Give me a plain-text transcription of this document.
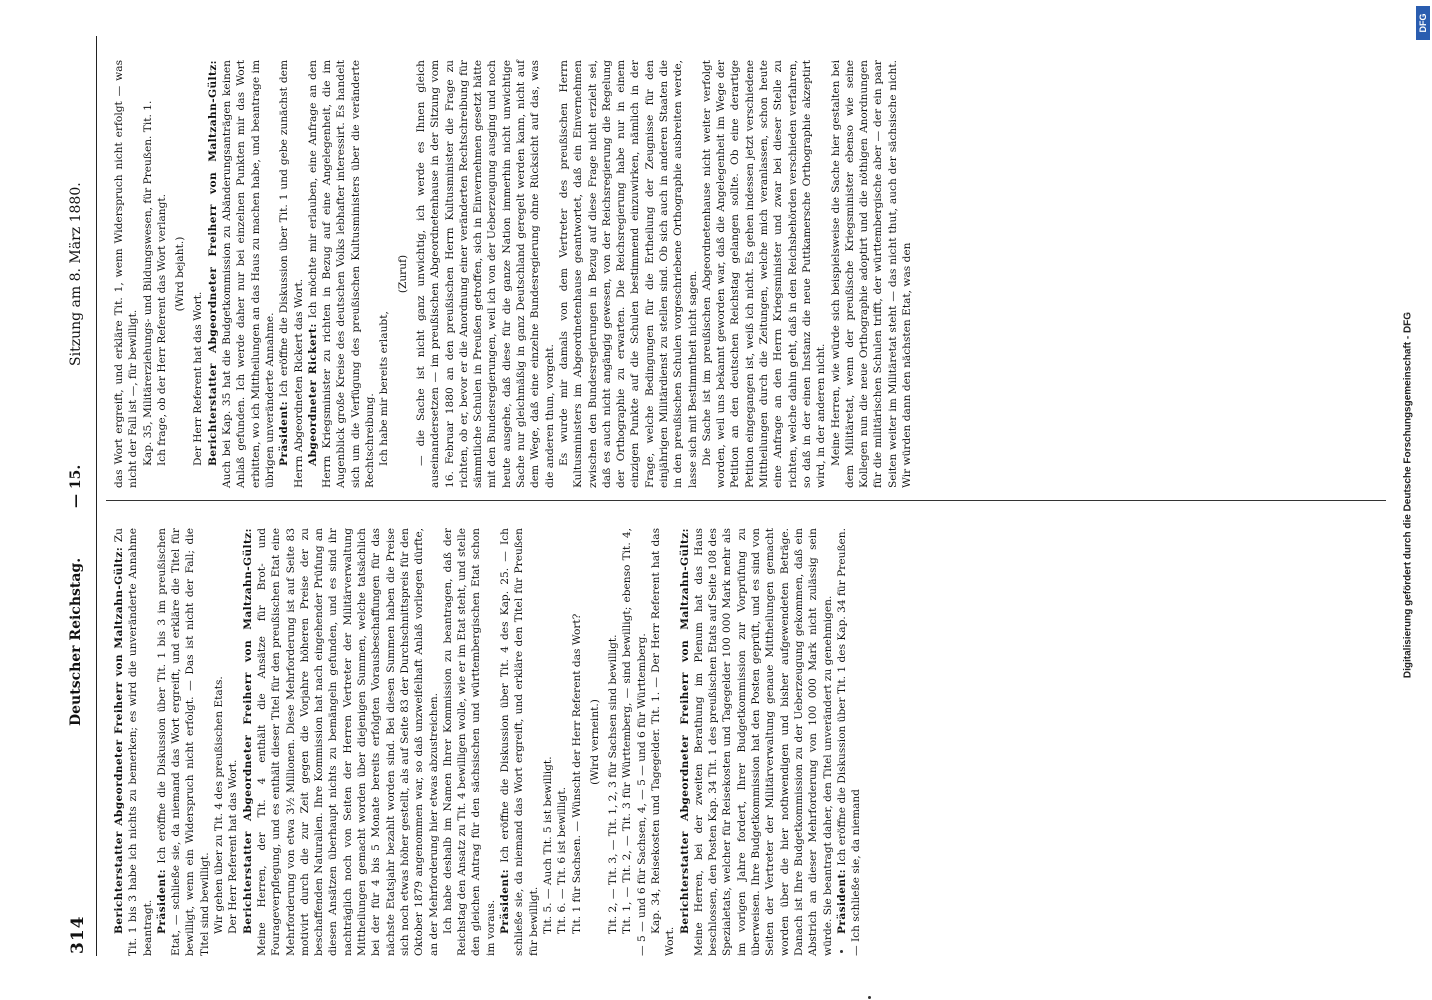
314
Deutscher Reichstag.
— 15.
Sitzung am 8. März 1880.

Berichterstatter Abgeordneter Freiherr von Maltzahn-Gültz: Zu Tit. 1 bis 3 habe ich nichts zu bemerken; es wird die unveränderte Annahme beantragt. Präsident: Ich eröffne die Diskussion über Tit. 1 bis 3 im preußischen Etat, — schließe sie, da niemand das Wort ergreift, und erkläre die Titel für bewilligt, wenn ein Widerspruch nicht erfolgt. — Das ist nicht der Fall; die Titel sind bewilligt. Wir gehen über zu Tit. 4 des preußischen Etats. Der Herr Referent hat das Wort. Berichterstatter Abgeordneter Freiherr von Maltzahn-Gültz: Meine Herren, der Tit. 4 enthält die Ansätze für Brot- und Fourageverpflegung, und es enthält dieser Titel für den preußischen Etat eine Mehrforderung von etwa 3½ Millionen. Diese Mehrforderung ist auf Seite 83 motivirt durch die zur Zeit gegen die Vorjahre höheren Preise der zu beschaffenden Naturalien. Ihre Kommission hat nach eingehender Prüfung an diesen Ansätzen überhaupt nichts zu bemängeln gefunden, und es sind ihr nachträglich noch von Seiten der Herren Vertreter der Militärverwaltung Mittheilungen gemacht worden über diejenigen Summen, welche tatsächlich bei der für 4 bis 5 Monate bereits erfolgten Vorausbeschaffungen für das nächste Etatsjahr bezahlt worden sind. Bei diesen Summen haben die Preise sich noch etwas höher gestellt, als auf Seite 83 der Durchschnittspreis für den Oktober 1879 angenommen war, so daß unzweifelhaft Anlaß vorliegen dürfte, an der Mehrforderung hier etwas abzustreichen. Ich habe deshalb im Namen Ihrer Kommission zu beantragen, daß der Reichstag den Ansatz zu Tit. 4 bewilligen wolle, wie er im Etat steht, und stelle den gleichen Antrag für den sächsischen und württembergischen Etat schon im voraus. Präsident: Ich eröffne die Diskussion über Tit. 4 des Kap. 25. — Ich schließe sie, da niemand das Wort ergreift, und erkläre den Titel für Preußen für bewilligt. Tit. 5. — Auch Tit. 5 ist bewilligt. Tit. 6. — Tit. 6 ist bewilligt. Tit. 1 für Sachsen. — Wünscht der Herr Referent das Wort? (Wird verneint.) Tit. 2, — Tit. 3, — Tit. 1, 2, 3 für Sachsen sind bewilligt. Tit. 1, — Tit. 2, — Tit. 3 für Württemberg, — sind bewilligt; ebenso Tit. 4, — 5 — und 6 für Sachsen, 4, — 5 — und 6 für Württemberg. Kap. 34, Reisekosten und Tagegelder. Tit. 1. — Der Herr Referent hat das Wort.

Berichterstatter Abgeordneter Freiherr von Maltzahn-Gültz: Meine Herren, bei der zweiten Berathung im Plenum hat das Haus beschlossen, den Posten Kap. 34 Tit. 1 des preußischen Etats auf Seite 108 des Spezialetats, welcher für Reisekosten und Tagegelder 100 000 Mark mehr als im vorigen Jahre fordert, Ihrer Budgetkommission zur Vorprüfung zu überweisen. Ihre Budgetkommission hat den Posten geprüft, und es sind von Seiten der Vertreter der Militärverwaltung genaue Mittheilungen gemacht worden über die hier nothwendigen und bisher aufgewendeten Beträge. Danach ist Ihre Budgetkommission zu der Ueberzeugung gekommen, daß ein Abstrich an dieser Mehrforderung von 100 000 Mark nicht zulässig sein würde. Sie beantragt daher, den Titel unverändert zu genehmigen. Präsident: Ich eröffne die Diskussion über Tit. 1 des Kap. 34 für Preußen. — Ich schließe sie, da niemand

das Wort ergreift, und erkläre Tit. 1, wenn Widerspruch nicht erfolgt — was nicht der Fall ist —, für bewilligt. Kap. 35, Militärerziehungs- und Bildungswesen, für Preußen. Tit. 1. Ich frage, ob der Herr Referent das Wort verlangt. (Wird bejaht.)

Der Herr Referent hat das Wort. Berichterstatter Abgeordneter Freiherr von Maltzahn-Gültz: Auch bei Kap. 35 hat die Budgetkommission zu Abänderungsanträgen keinen Anlaß gefunden. Ich werde daher nur bei einzelnen Punkten mir das Wort erbitten, wo ich Mittheilungen an das Haus zu machen habe, und beantrage im übrigen unveränderte Annahme. Präsident: Ich eröffne die Diskussion über Tit. 1 und gebe zunächst dem Herrn Abgeordneten Rickert das Wort. Abgeordneter Rickert: Ich möchte mir erlauben, eine Anfrage an den Herrn Kriegsminister zu richten in Bezug auf eine Angelegenheit, die im Augenblick große Kreise des deutschen Volks lebhafter interessirt. Es handelt sich um die Verfügung des preußischen Kultusministers über die veränderte Rechtschreibung. Ich habe mir bereits erlaubt,

(Zuruf) — die Sache ist nicht ganz unwichtig, ich werde es Ihnen gleich auseinandersetzen — im preußischen Abgeordnetenhause in der Sitzung vom 16. Februar 1880 an den preußischen Herrn Kultusminister die Frage zu richten, ob er, bevor er die Anordnung einer veränderten Rechtschreibung für sämmtliche Schulen in Preußen getroffen, sich in Einvernehmen gesetzt hätte mit den Bundesregierungen, weil ich von der Ueberzeugung ausging und noch heute ausgehe, daß diese für die ganze Nation immerhin nicht unwichtige Sache nur gleichmäßig in ganz Deutschland geregelt werden kann, nicht auf dem Wege, daß eine einzelne Bundesregierung ohne Rücksicht auf das, was die anderen thun, vorgeht. Es wurde mir damals von dem Vertreter des preußischen Herrn Kultusministers im Abgeordnetenhause geantwortet, daß ein Einvernehmen zwischen den Bundesregierungen in Bezug auf diese Frage nicht erzielt sei, daß es auch nicht angängig gewesen, von der Reichsregierung die Regelung der Orthographie zu erwarten. Die Reichsregierung habe nur in einem einzigen Punkte auf die Schulen bestimmend einzuwirken, nämlich in der Frage, welche Bedingungen für die Ertheilung der Zeugnisse für den einjährigen Militärdienst zu stellen sind. Ob sich auch in anderen Staaten die in den preußischen Schulen vorgeschriebene Orthographie ausbreiten werde, lasse sich mit Bestimmtheit nicht sagen. Die Sache ist im preußischen Abgeordnetenhause nicht weiter verfolgt worden, weil uns bekannt geworden war, daß die Angelegenheit im Wege der Petition an den deutschen Reichstag gelangen sollte. Ob eine derartige Petition eingegangen ist, weiß ich nicht. Es gehen indessen jetzt verschiedene Mittheilungen durch die Zeitungen, welche mich veranlassen, schon heute eine Anfrage an den Herrn Kriegsminister und zwar bei dieser Stelle zu richten, welche dahin geht, daß in den Reichsbehörden verschieden verfahren, so daß in der einen Instanz die neue Puttkamersche Orthographie akzeptirt wird, in der anderen nicht. Meine Herren, wie würde sich beispielsweise die Sache hier gestalten bei dem Militäretat, wenn der preußische Kriegsminister ebenso wie seine Kollegen nun die neue Orthographie adoptirt und die nöthigen Anordnungen für die militärischen Schulen trifft, der württembergische aber — der ein paar Seiten weiter im Militäretat steht — das nicht thut, auch der sächsische nicht. Wir würden dann den nächsten Etat, was den	Digitalisierung gefördert durch die Deutsche Forschungsgemeinschaft - DFG
DFG
